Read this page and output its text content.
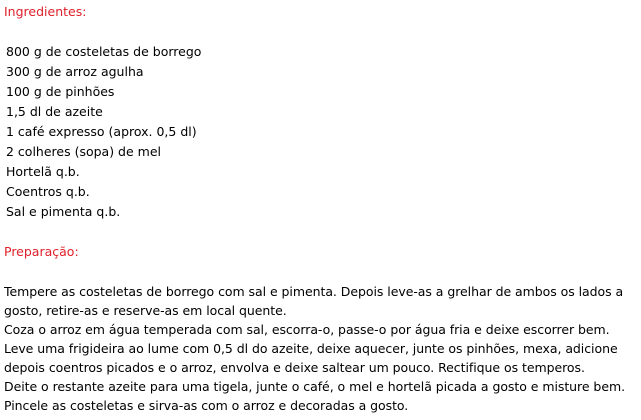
Ingredientes:
800 g de costeletas de borrego
300 g de arroz agulha
100 g de pinhões
1,5 dl de azeite
1 café expresso (aprox. 0,5 dl)
2 colheres (sopa) de mel
Hortelã q.b.
Coentros q.b.
Sal e pimenta q.b.
Preparação:

Tempere as costeletas de borrego com sal e pimenta. Depois leve-as a grelhar de ambos os lados a gosto, retire-as e reserve-as em local quente.

Coza o arroz em água temperada com sal, escorra-o, passe-o por água fria e deixe escorrer bem. Leve uma frigideira ao lume com 0,5 dl do azeite, deixe aquecer, junte os pinhões, mexa, adicione depois coentros picados e o arroz, envolva e deixe saltear um pouco. Rectifique os temperos.

Deite o restante azeite para uma tigela, junte o café, o mel e hortelã picada a gosto e misture bem.

Pincele as costeletas e sirva-as com o arroz e decoradas a gosto.
